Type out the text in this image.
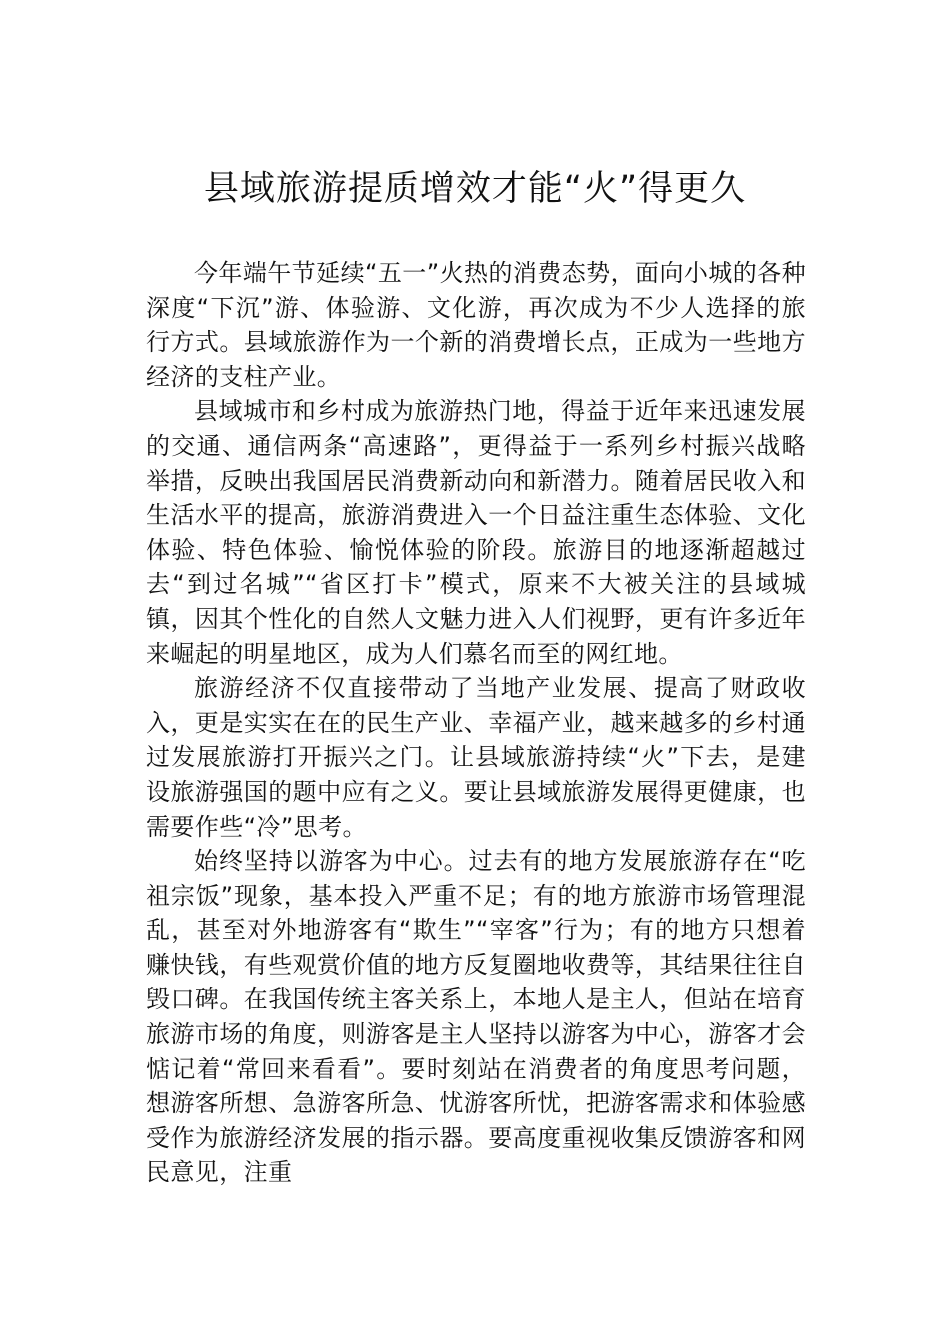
县域旅游提质增效才能“火”得更久

今年端午节延续“五一”火热的消费态势，面向小城的各种深度“下沉”游、体验游、文化游，再次成为不少人选择的旅行方式。县域旅游作为一个新的消费增长点，正成为一些地方经济的支柱产业。

县域城市和乡村成为旅游热门地，得益于近年来迅速发展的交通、通信两条“高速路”，更得益于一系列乡村振兴战略举措，反映出我国居民消费新动向和新潜力。随着居民收入和生活水平的提高，旅游消费进入一个日益注重生态体验、文化体验、特色体验、愉悦体验的阶段。旅游目的地逐渐超越过去“到过名城”“省区打卡”模式，原来不大被关注的县域城镇，因其个性化的自然人文魅力进入人们视野，更有许多近年来崛起的明星地区，成为人们慕名而至的网红地。

旅游经济不仅直接带动了当地产业发展、提高了财政收入，更是实实在在的民生产业、幸福产业，越来越多的乡村通过发展旅游打开振兴之门。让县域旅游持续“火”下去，是建设旅游强国的题中应有之义。要让县域旅游发展得更健康，也需要作些“冷”思考。

始终坚持以游客为中心。过去有的地方发展旅游存在“吃祖宗饭”现象，基本投入严重不足；有的地方旅游市场管理混乱，甚至对外地游客有“欺生”“宰客”行为；有的地方只想着赚快钱，有些观赏价值的地方反复圈地收费等，其结果往往自毁口碑。在我国传统主客关系上，本地人是主人，但站在培育旅游市场的角度，则游客是主人坚持以游客为中心，游客才会惦记着“常回来看看”。要时刻站在消费者的角度思考问题，想游客所想、急游客所急、忧游客所忧，把游客需求和体验感受作为旅游经济发展的指示器。要高度重视收集反馈游客和网民意见，注重
